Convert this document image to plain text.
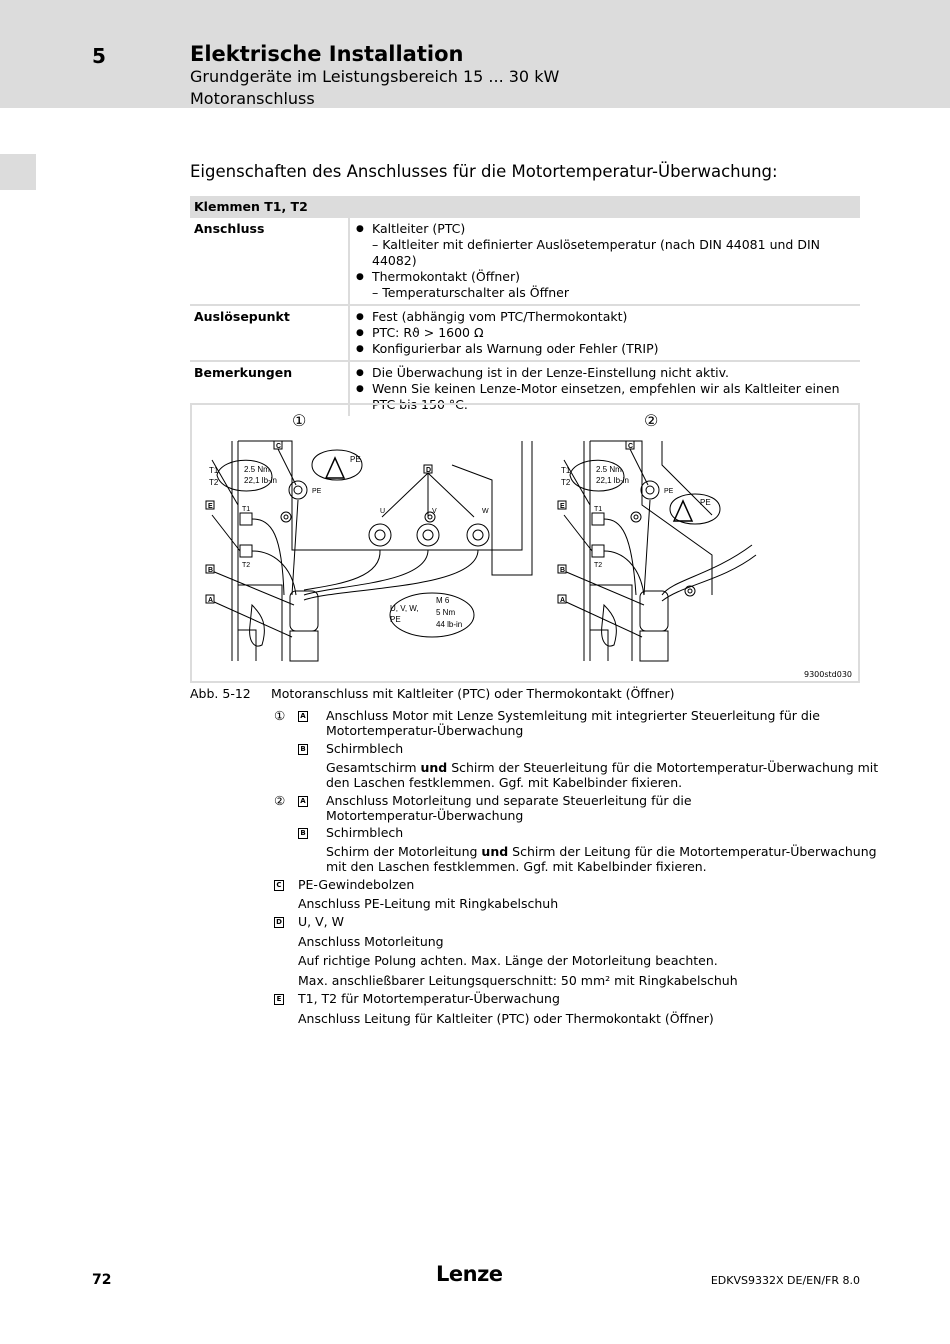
5	Elektrische Installation
Grundgeräte im Leistungsbereich 15 ... 30 kW
Motoranschluss
Eigenschaften des Anschlusses für die Motortemperatur-Überwachung:
Klemmen T1, T2
Anschluss	● Kaltleiter (PTC)
– Kaltleiter mit definierter Auslösetemperatur (nach DIN 44081 und DIN 44082)
● Thermokontakt (Öffner)
– Temperaturschalter als Öffner
Auslösepunkt	● Fest (abhängig vom PTC/Thermokontakt)
● PTC: Rϑ > 1600 Ω
● Konfigurierbar als Warnung oder Fehler (TRIP)
Bemerkungen	● Die Überwachung ist in der Lenze-Einstellung nicht aktiv.
● Wenn Sie keinen Lenze-Motor einsetzen, empfehlen wir als Kaltleiter einen
PTC bis 150 °C.
①	②
C
T1
T2
2.5 Nm
22,1 lb-in
PE
PE
E	T1
T2
D
U	V	W
B
A
U, V, W,
PE
M 6
5 Nm
44 lb-in
C
T1
T2
2.5 Nm
22,1 lb-in
PE
PE
E	T1
T2
B
A
9300std030
Abb. 5-12 Motoranschluss mit Kaltleiter (PTC) oder Thermokontakt (Öffner)
①	A Anschluss Motor mit Lenze Systemleitung mit integrierter Steuerleitung für die
Motortemperatur-Überwachung
B Schirmblech
Gesamtschirm und Schirm der Steuerleitung für die Motortemperatur-Überwachung mit
den Laschen festklemmen. Ggf. mit Kabelbinder fixieren.
②	A Anschluss Motorleitung und separate Steuerleitung für die
Motortemperatur-Überwachung
B Schirmblech
Schirm der Motorleitung und Schirm der Leitung für die Motortemperatur-Überwachung
mit den Laschen festklemmen. Ggf. mit Kabelbinder fixieren.
C PE-Gewindebolzen
Anschluss PE-Leitung mit Ringkabelschuh
D U, V, W
Anschluss Motorleitung
Auf richtige Polung achten. Max. Länge der Motorleitung beachten.
Max. anschließbarer Leitungsquerschnitt: 50 mm² mit Ringkabelschuh
E T1, T2 für Motortemperatur-Überwachung
Anschluss Leitung für Kaltleiter (PTC) oder Thermokontakt (Öffner)
72	Lenze	EDKVS9332X DE/EN/FR 8.0
